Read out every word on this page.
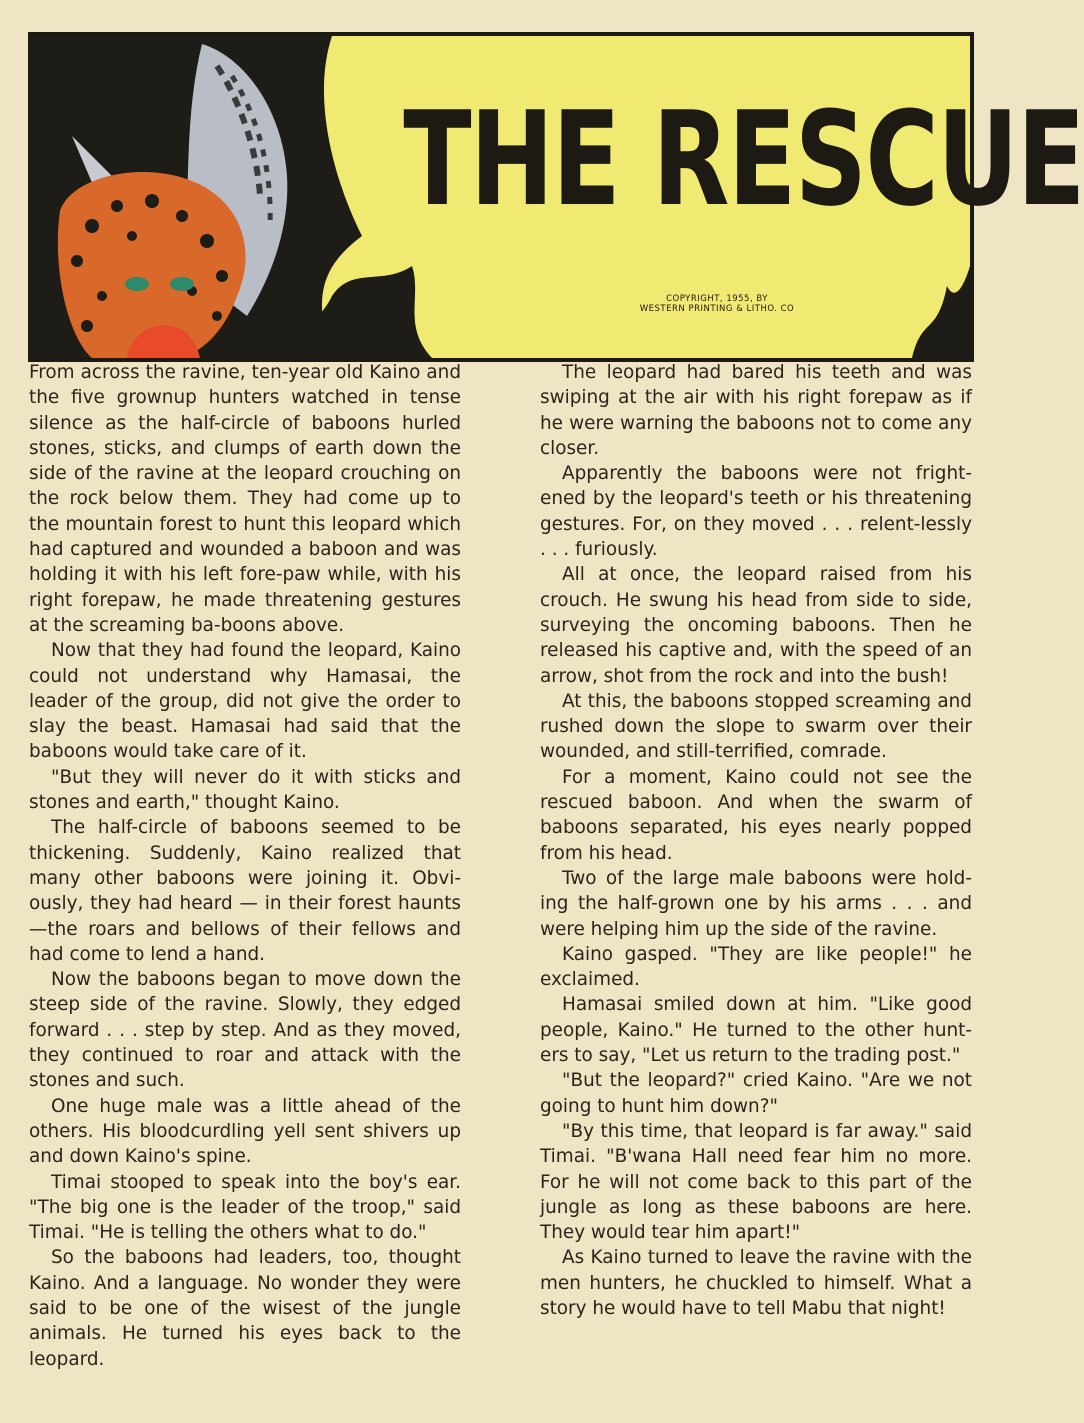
THE RESCUE
COPYRIGHT, 1955, BY
WESTERN PRINTING & LITHO. CO

From across the ravine, ten-year old Kaino and the five grownup hunters watched in tense silence as the half-circle of baboons hurled stones, sticks, and clumps of earth down the side of the ravine at the leopard crouching on the rock below them. They had come up to the mountain forest to hunt this leopard which had captured and wounded a baboon and was holding it with his left fore-paw while, with his right forepaw, he made threatening gestures at the screaming ba-boons above.

Now that they had found the leopard, Kaino could not understand why Hamasai, the leader of the group, did not give the order to slay the beast. Hamasai had said that the baboons would take care of it.

"But they will never do it with sticks and stones and earth," thought Kaino.

The half-circle of baboons seemed to be thickening. Suddenly, Kaino realized that many other baboons were joining it. Obvi-ously, they had heard — in their forest haunts—the roars and bellows of their fellows and had come to lend a hand.

Now the baboons began to move down the steep side of the ravine. Slowly, they edged forward . . . step by step. And as they moved, they continued to roar and attack with the stones and such.

One huge male was a little ahead of the others. His bloodcurdling yell sent shivers up and down Kaino's spine.

Timai stooped to speak into the boy's ear. "The big one is the leader of the troop," said Timai. "He is telling the others what to do."

So the baboons had leaders, too, thought Kaino. And a language. No wonder they were said to be one of the wisest of the jungle animals. He turned his eyes back to the leopard.

The leopard had bared his teeth and was swiping at the air with his right forepaw as if he were warning the baboons not to come any closer.

Apparently the baboons were not fright-ened by the leopard's teeth or his threatening gestures. For, on they moved . . . relent-lessly . . . furiously.

All at once, the leopard raised from his crouch. He swung his head from side to side, surveying the oncoming baboons. Then he released his captive and, with the speed of an arrow, shot from the rock and into the bush!

At this, the baboons stopped screaming and rushed down the slope to swarm over their wounded, and still-terrified, comrade.

For a moment, Kaino could not see the rescued baboon. And when the swarm of baboons separated, his eyes nearly popped from his head.

Two of the large male baboons were hold-ing the half-grown one by his arms . . . and were helping him up the side of the ravine.

Kaino gasped. "They are like people!" he exclaimed.

Hamasai smiled down at him. "Like good people, Kaino." He turned to the other hunt-ers to say, "Let us return to the trading post."

"But the leopard?" cried Kaino. "Are we not going to hunt him down?"

"By this time, that leopard is far away." said Timai. "B'wana Hall need fear him no more. For he will not come back to this part of the jungle as long as these baboons are here. They would tear him apart!"

As Kaino turned to leave the ravine with the men hunters, he chuckled to himself. What a story he would have to tell Mabu that night!
